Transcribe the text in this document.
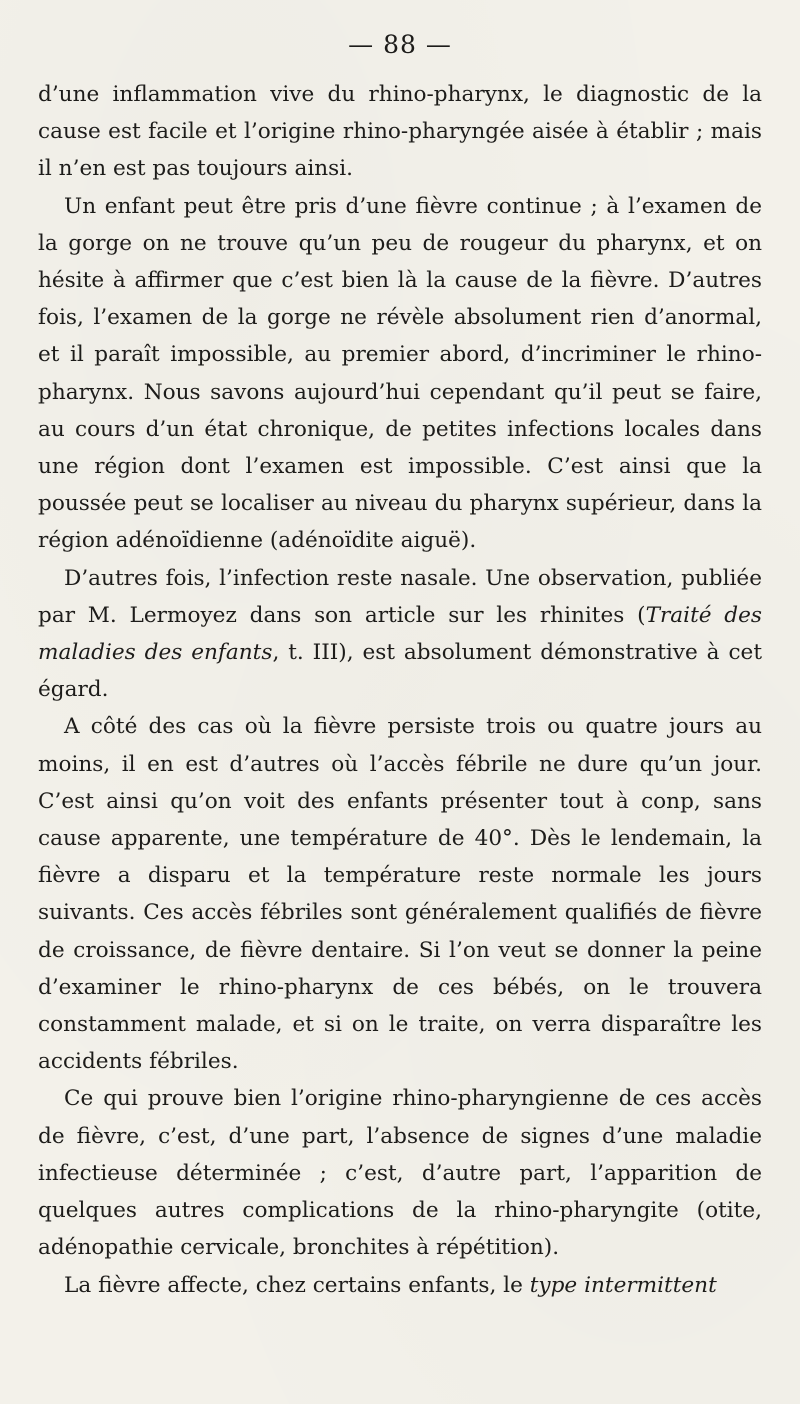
— 88 —

d’une inflammation vive du rhino-pharynx, le diagnostic de la cause est facile et l’origine rhino-pharyngée aisée à établir ; mais il n’en est pas toujours ainsi.

Un enfant peut être pris d’une fièvre continue ; à l’examen de la gorge on ne trouve qu’un peu de rougeur du pharynx, et on hésite à affirmer que c’est bien là la cause de la fièvre. D’autres fois, l’examen de la gorge ne révèle absolument rien d’anormal, et il paraît impossible, au premier abord, d’incriminer le rhino-pharynx. Nous savons aujourd’hui cependant qu’il peut se faire, au cours d’un état chronique, de petites infections locales dans une région dont l’examen est impossible. C’est ainsi que la poussée peut se localiser au niveau du pharynx supérieur, dans la région adénoïdienne (adénoïdite aiguë).

D’autres fois, l’infection reste nasale. Une observation, publiée par M. Lermoyez dans son article sur les rhinites (Traité des maladies des enfants, t. III), est absolument démonstrative à cet égard.

A côté des cas où la fièvre persiste trois ou quatre jours au moins, il en est d’autres où l’accès fébrile ne dure qu’un jour. C’est ainsi qu’on voit des enfants présenter tout à conp, sans cause apparente, une température de 40°. Dès le lendemain, la fièvre a disparu et la température reste normale les jours suivants. Ces accès fébriles sont généralement qualifiés de fièvre de croissance, de fièvre dentaire. Si l’on veut se donner la peine d’examiner le rhino-pharynx de ces bébés, on le trouvera constamment malade, et si on le traite, on verra disparaître les accidents fébriles.

Ce qui prouve bien l’origine rhino-pharyngienne de ces accès de fièvre, c’est, d’une part, l’absence de signes d’une maladie infectieuse déterminée ; c’est, d’autre part, l’apparition de quelques autres complications de la rhino-pharyngite (otite, adénopathie cervicale, bronchites à répétition).

La fièvre affecte, chez certains enfants, le type intermittent
